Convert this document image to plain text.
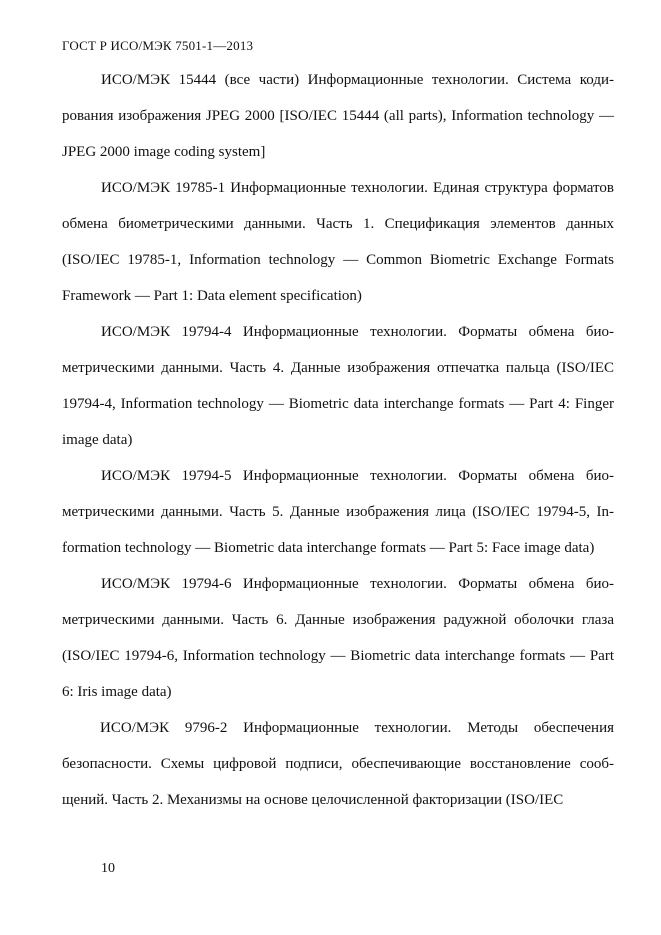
ГОСТ Р ИСО/МЭК 7501-1—2013

ИСО/МЭК 15444 (все части) Информационные технологии. Система кодирования изображения JPEG 2000 [ISO/IEC 15444 (all parts), Information technology — JPEG 2000 image coding system]

ИСО/МЭК 19785-1 Информационные технологии. Единая структура форматов обмена биометрическими данными. Часть 1. Спецификация элементов данных (ISO/IEC 19785-1, Information technology — Common Biometric Exchange Formats Framework — Part 1: Data element specification)

ИСО/МЭК 19794-4 Информационные технологии. Форматы обмена биометрическими данными. Часть 4. Данные изображения отпечатка пальца (ISO/IEC 19794-4, Information technology — Biometric data interchange formats — Part 4: Finger image data)

ИСО/МЭК 19794-5 Информационные технологии. Форматы обмена биометрическими данными. Часть 5. Данные изображения лица (ISO/IEC 19794-5, Information technology — Biometric data interchange formats — Part 5: Face image data)

ИСО/МЭК 19794-6 Информационные технологии. Форматы обмена биометрическими данными. Часть 6. Данные изображения радужной оболочки глаза (ISO/IEC 19794-6, Information technology — Biometric data interchange formats — Part 6: Iris image data)

ИСО/МЭК 9796-2 Информационные технологии. Методы обеспечения безопасности. Схемы цифровой подписи, обеспечивающие восстановление сообщений. Часть 2. Механизмы на основе целочисленной факторизации (ISO/IEC

10
